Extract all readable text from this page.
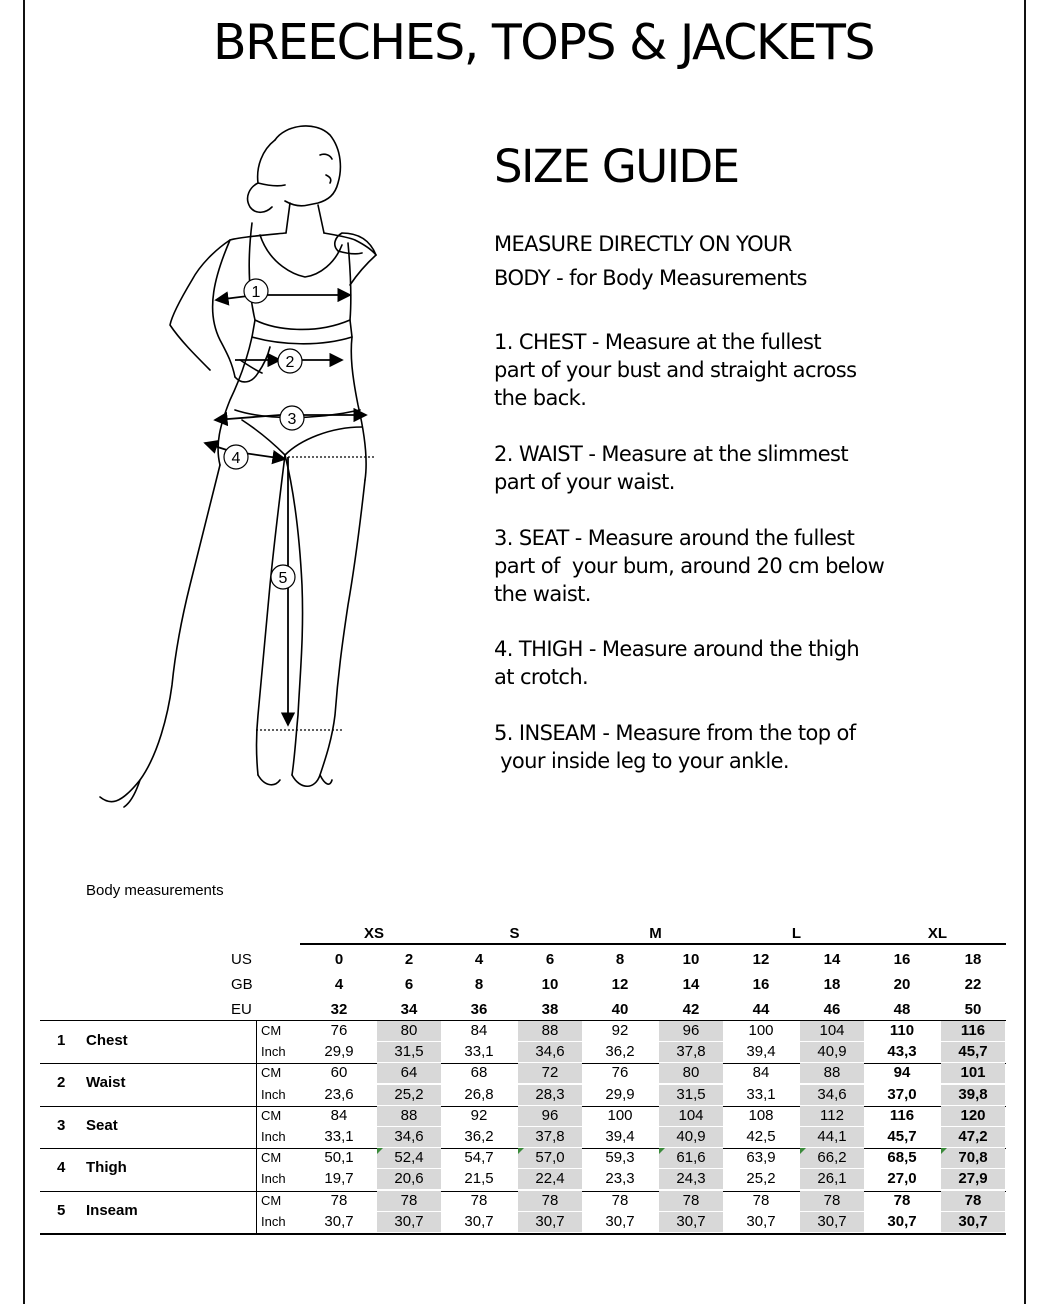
BREECHES, TOPS & JACKETS
SIZE GUIDE
MEASURE DIRECTLY ON YOUR
BODY - for Body Measurements
1. CHEST - Measure at the fullest
part of your bust and straight across
the back.
2. WAIST - Measure at the slimmest
part of your waist.
3. SEAT - Measure around the fullest
part of  your bum, around 20 cm below
the waist.
4. THIGH - Measure around the thigh
at crotch.
5. INSEAM - Measure from the top of
your inside leg to your ankle.
1
2
3
4
5
Body measurements
XS	S	M	L	XL
US	0	2	4	6	8	10	12	14	16	18
GB	4	6	8	10	12	14	16	18	20	22
EU	32	34	36	38	40	42	44	46	48	50
1 Chest
CM	76	80	84	88	92	96	100	104	110	116
Inch	29,9	31,5	33,1	34,6	36,2	37,8	39,4	40,9	43,3	45,7
2 Waist
CM	60	64	68	72	76	80	84	88	94	101
Inch	23,6	25,2	26,8	28,3	29,9	31,5	33,1	34,6	37,0	39,8
3 Seat
CM	84	88	92	96	100	104	108	112	116	120
Inch	33,1	34,6	36,2	37,8	39,4	40,9	42,5	44,1	45,7	47,2
4 Thigh
CM	50,1	52,4	54,7	57,0	59,3	61,6	63,9	66,2	68,5	70,8
Inch	19,7	20,6	21,5	22,4	23,3	24,3	25,2	26,1	27,0	27,9
5 Inseam
CM	78	78	78	78	78	78	78	78	78	78
Inch	30,7	30,7	30,7	30,7	30,7	30,7	30,7	30,7	30,7	30,7
